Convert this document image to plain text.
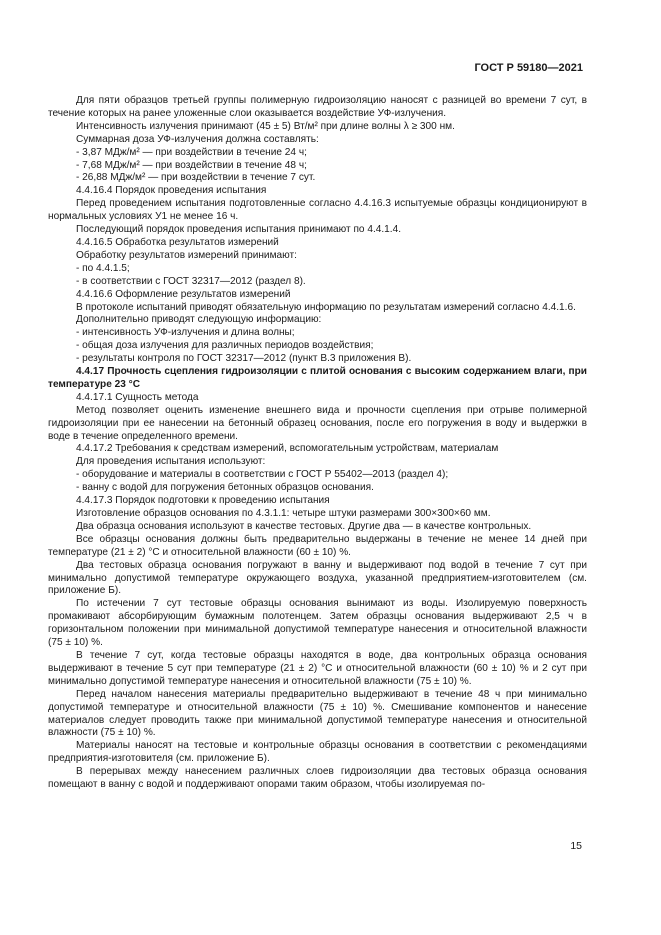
ГОСТ Р 59180—2021

Для пяти образцов третьей группы полимерную гидроизоляцию наносят с разницей во времени 7 сут, в течение которых на ранее уложенные слои оказывается воздействие УФ-излучения.

Интенсивность излучения принимают (45 ± 5) Вт/м² при длине волны λ ≥ 300 нм.

Суммарная доза УФ-излучения должна составлять:

- 3,87 МДж/м² — при воздействии в течение 24 ч;

- 7,68 МДж/м² — при воздействии в течение 48 ч;

- 26,88 МДж/м² — при воздействии в течение 7 сут.

4.4.16.4 Порядок проведения испытания

Перед проведением испытания подготовленные согласно 4.4.16.3 испытуемые образцы кондиционируют в нормальных условиях У1 не менее 16 ч.

Последующий порядок проведения испытания принимают по 4.4.1.4.

4.4.16.5 Обработка результатов измерений

Обработку результатов измерений принимают:

- по 4.4.1.5;

- в соответствии с ГОСТ 32317—2012 (раздел 8).

4.4.16.6 Оформление результатов измерений

В протоколе испытаний приводят обязательную информацию по результатам измерений согласно 4.4.1.6.

Дополнительно приводят следующую информацию:

- интенсивность УФ-излучения и длина волны;

- общая доза излучения для различных периодов воздействия;

- результаты контроля по ГОСТ 32317—2012 (пункт В.3 приложения В).

4.4.17 Прочность сцепления гидроизоляции с плитой основания с высоким содержанием влаги, при температуре 23 °С

4.4.17.1 Сущность метода

Метод позволяет оценить изменение внешнего вида и прочности сцепления при отрыве полимерной гидроизоляции при ее нанесении на бетонный образец основания, после его погружения в воду и выдержки в воде в течение определенного времени.

4.4.17.2 Требования к средствам измерений, вспомогательным устройствам, материалам

Для проведения испытания используют:

- оборудование и материалы в соответствии с ГОСТ Р 55402—2013 (раздел 4);

- ванну с водой для погружения бетонных образцов основания.

4.4.17.3 Порядок подготовки к проведению испытания

Изготовление образцов основания по 4.3.1.1: четыре штуки размерами 300×300×60 мм.

Два образца основания используют в качестве тестовых. Другие два — в качестве контрольных.

Все образцы основания должны быть предварительно выдержаны в течение не менее 14 дней при температуре (21 ± 2) °С и относительной влажности (60 ± 10) %.

Два тестовых образца основания погружают в ванну и выдерживают под водой в течение 7 сут при минимально допустимой температуре окружающего воздуха, указанной предприятием-изготовителем (см. приложение Б).

По истечении 7 сут тестовые образцы основания вынимают из воды. Изолируемую поверхность промакивают абсорбирующим бумажным полотенцем. Затем образцы основания выдерживают 2,5 ч в горизонтальном положении при минимальной допустимой температуре нанесения и относительной влажности (75 ± 10) %.

В течение 7 сут, когда тестовые образцы находятся в воде, два контрольных образца основания выдерживают в течение 5 сут при температуре (21 ± 2) °С и относительной влажности (60 ± 10) % и 2 сут при минимально допустимой температуре нанесения и относительной влажности (75 ± 10) %.

Перед началом нанесения материалы предварительно выдерживают в течение 48 ч при минимально допустимой температуре и относительной влажности (75 ± 10) %. Смешивание компонентов и нанесение материалов следует проводить также при минимальной допустимой температуре нанесения и относительной влажности (75 ± 10) %.

Материалы наносят на тестовые и контрольные образцы основания в соответствии с рекомендациями предприятия-изготовителя (см. приложение Б).

В перерывах между нанесением различных слоев гидроизоляции два тестовых образца основания помещают в ванну с водой и поддерживают опорами таким образом, чтобы изолируемая по-

15
